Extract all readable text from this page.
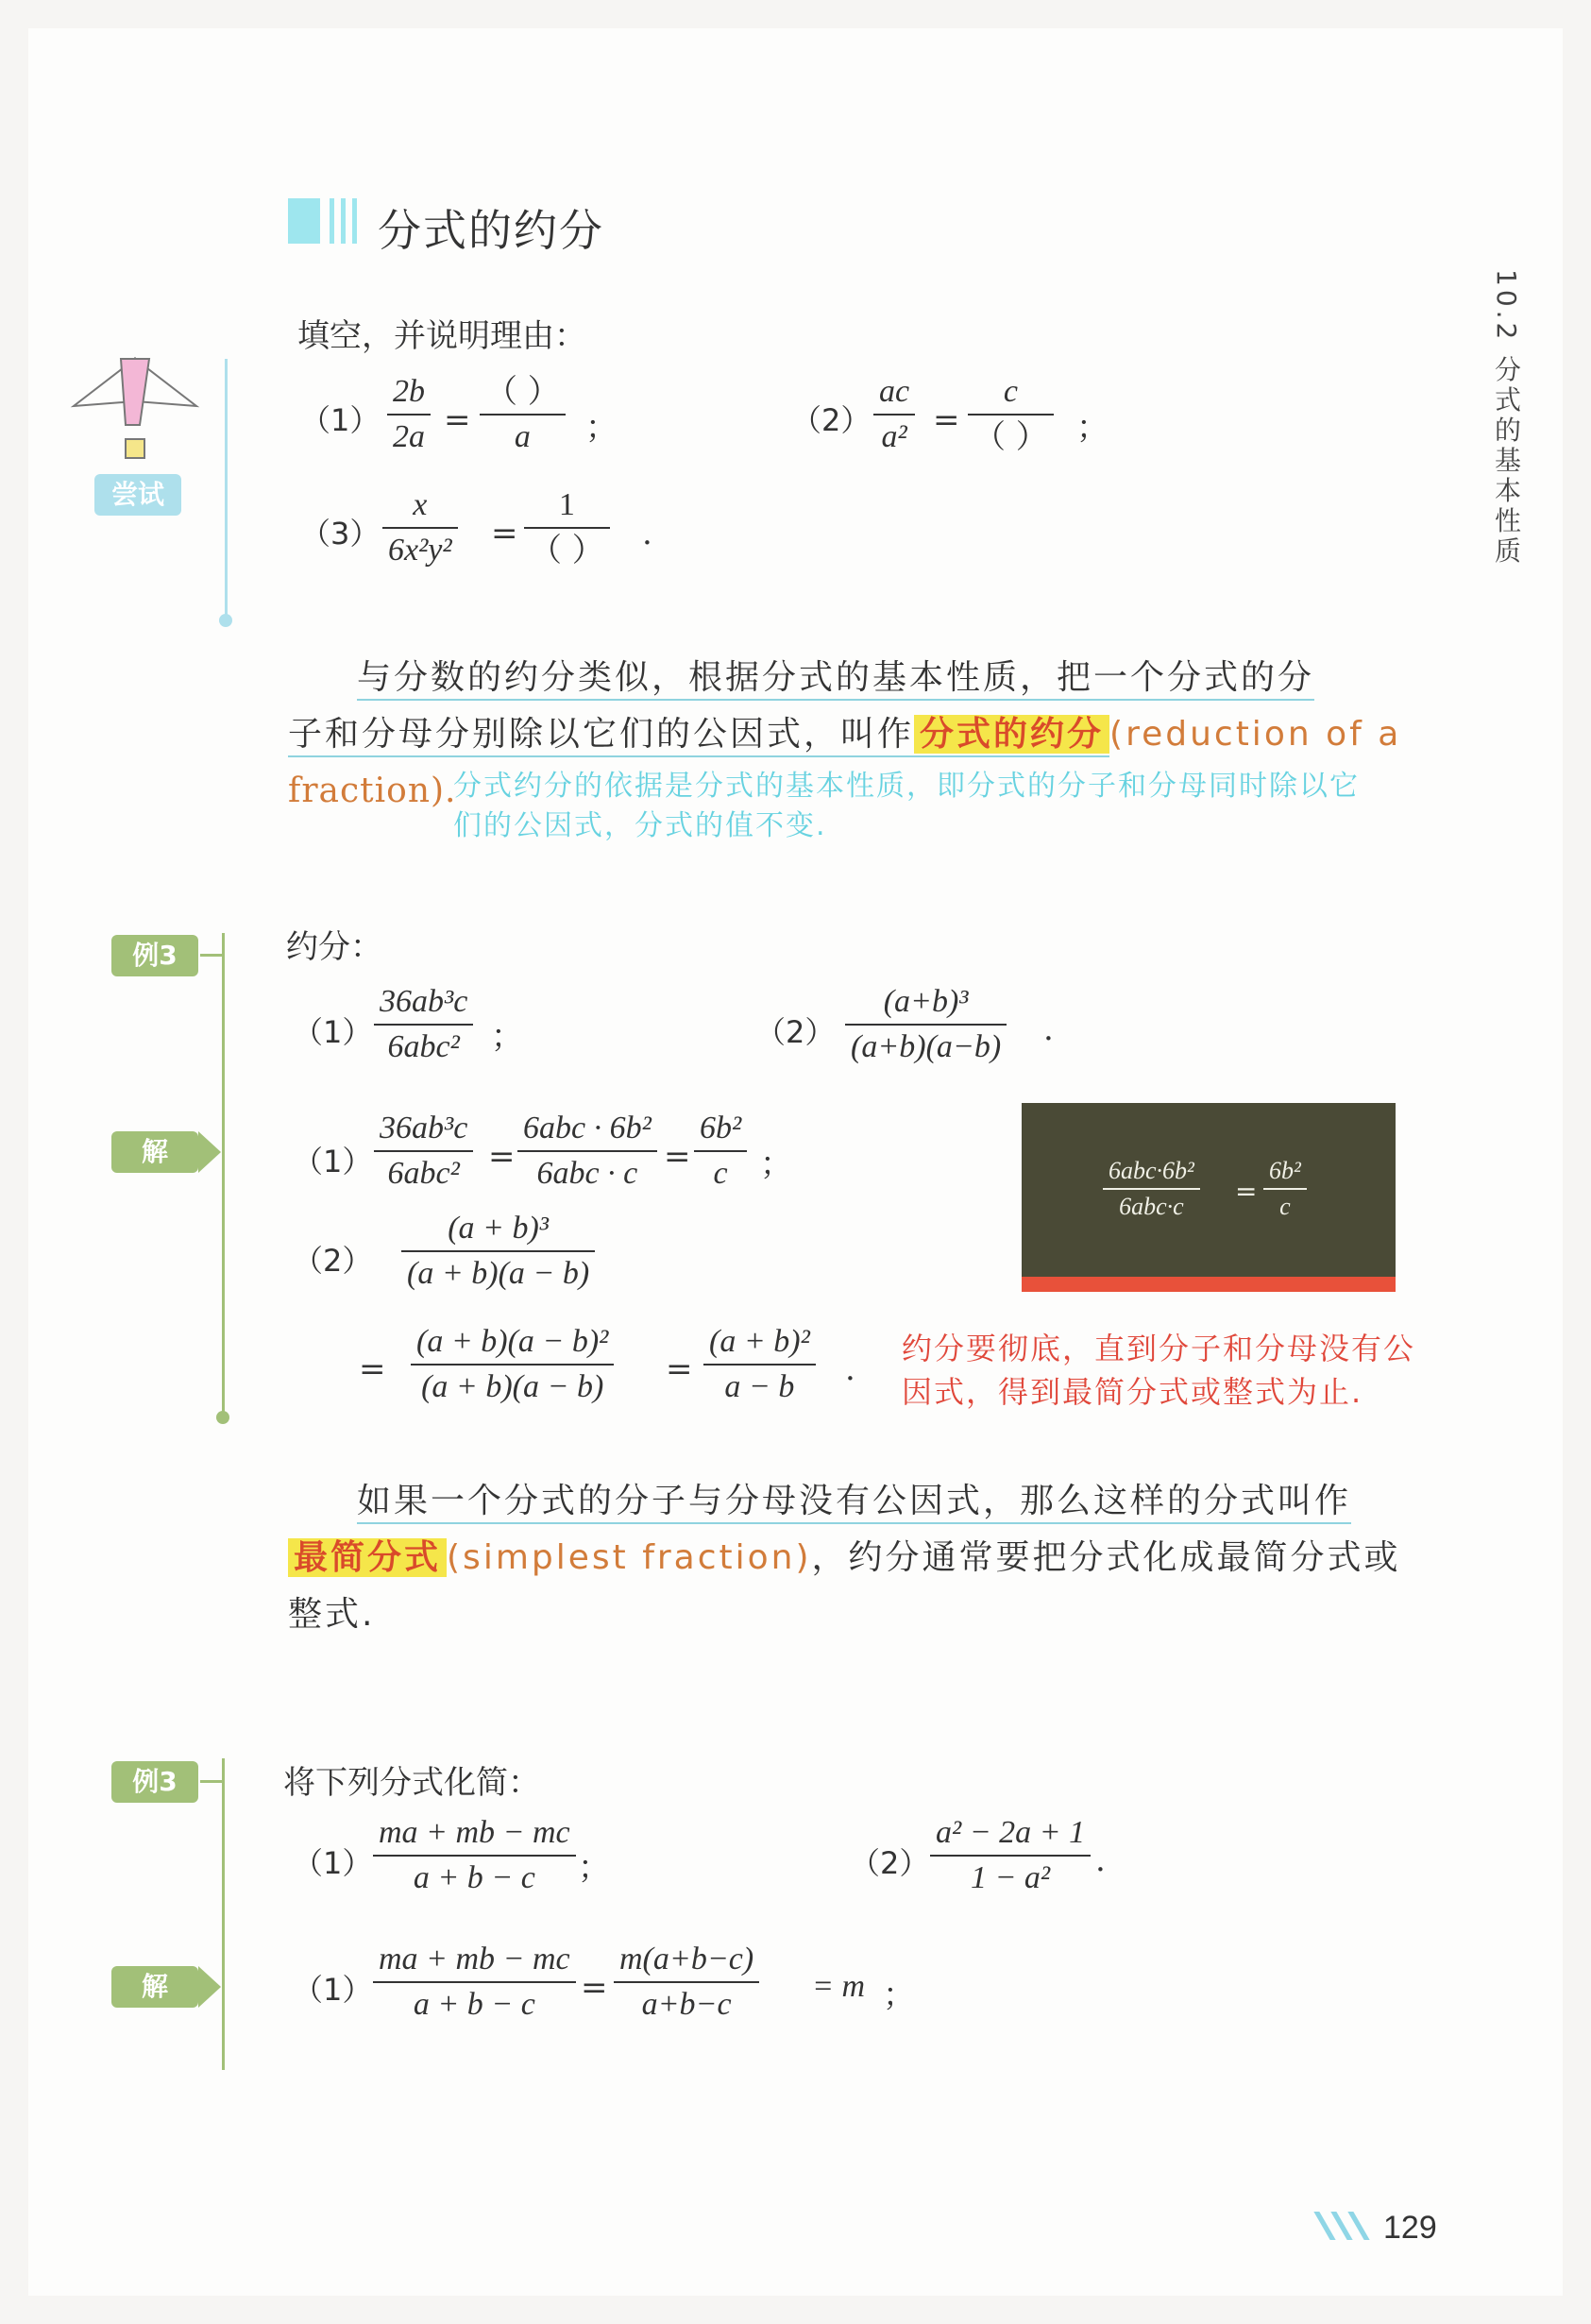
分式的约分
10.2 分式的基本性质
尝试
填空，并说明理由：
（1）
2b
2a =
（ ）
a ；	（2）
ac
a² =
c
（ ） ；
（3）
x
6x²y² =
1
（ ） .
与分数的约分类似，根据分式的基本性质，把一个分式的分
子和分母分别除以它们的公因式，叫作 分式的约分 (reduction of a
fraction).
分式约分的依据是分式的基本性质，即分式的分子和分母同时除以它们的公因式，分式的值不变.
例3	约分：
（1）
36ab³c
6abc² ；	（2）
(a+b)³
(a+b)(a−b) .
解	（1）
36ab³c
6abc² =
6abc · 6b²
6abc · c =
6b²
c ；
（2）
(a + b)³
(a + b)(a − b)
=
(a + b)(a − b)²
(a + b)(a − b) =
(a + b)²
a − b .
6abc·6b²
6abc·c =
6b²
c
约分要彻底，直到分子和分母没有公因式，得到最简分式或整式为止.
如果一个分式的分子与分母没有公因式，那么这样的分式叫作
最简分式 (simplest fraction)，约分通常要把分式化成最简分式或
整式.
例3	将下列分式化简：
（1）
ma + mb − mc
a + b − c ；	（2）
a² − 2a + 1
1 − a² .
解	（1）
ma + mb − mc
a + b − c =
m(a+b−c)
a+b−c
= m ；
129
